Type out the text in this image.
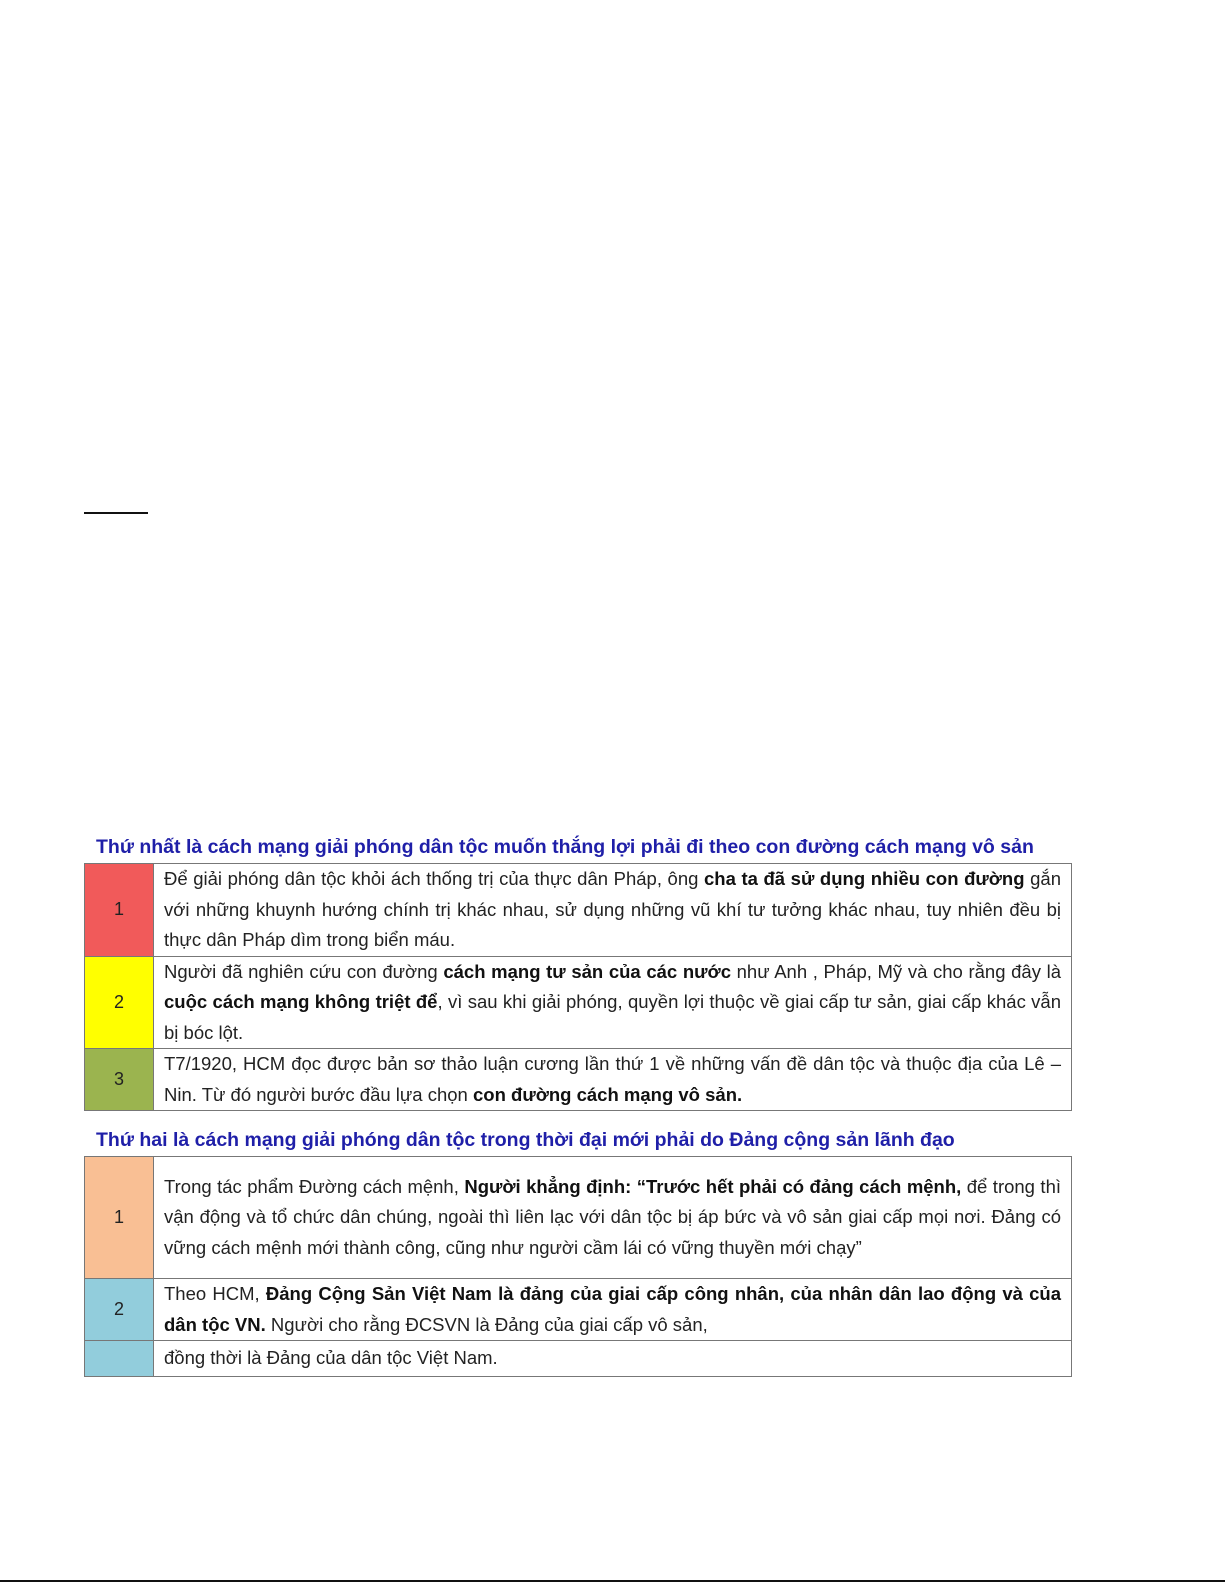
Thứ nhất là cách mạng giải phóng dân tộc muốn thắng lợi phải đi theo con đường cách mạng vô sản
1	Để giải phóng dân tộc khỏi ách thống trị của thực dân Pháp, ông cha ta đã sử dụng nhiều con đường gắn với những khuynh hướng chính trị khác nhau, sử dụng những vũ khí tư tưởng khác nhau, tuy nhiên đều bị thực dân Pháp dìm trong biển máu.
2	Người đã nghiên cứu con đường cách mạng tư sản của các nước như Anh , Pháp, Mỹ và cho rằng đây là cuộc cách mạng không triệt để, vì sau khi giải phóng, quyền lợi thuộc về giai cấp tư sản, giai cấp khác vẫn bị bóc lột.
3	T7/1920, HCM đọc được bản sơ thảo luận cương lần thứ 1 về những vấn đề dân tộc và thuộc địa của Lê – Nin. Từ đó người bước đầu lựa chọn con đường cách mạng vô sản.
Thứ hai là cách mạng giải phóng dân tộc trong thời đại mới phải do Đảng cộng sản lãnh đạo
1	Trong tác phẩm Đường cách mệnh, Người khẳng định: “Trước hết phải có đảng cách mệnh, để trong thì vận động và tổ chức dân chúng, ngoài thì liên lạc với dân tộc bị áp bức và vô sản giai cấp mọi nơi. Đảng có vững cách mệnh mới thành công, cũng như người cầm lái có vững thuyền mới chạy”
2	Theo HCM, Đảng Cộng Sản Việt Nam là đảng của giai cấp công nhân, của nhân dân lao động và của dân tộc VN. Người cho rằng ĐCSVN là Đảng của giai cấp vô sản,
	đồng thời là Đảng của dân tộc Việt Nam.
